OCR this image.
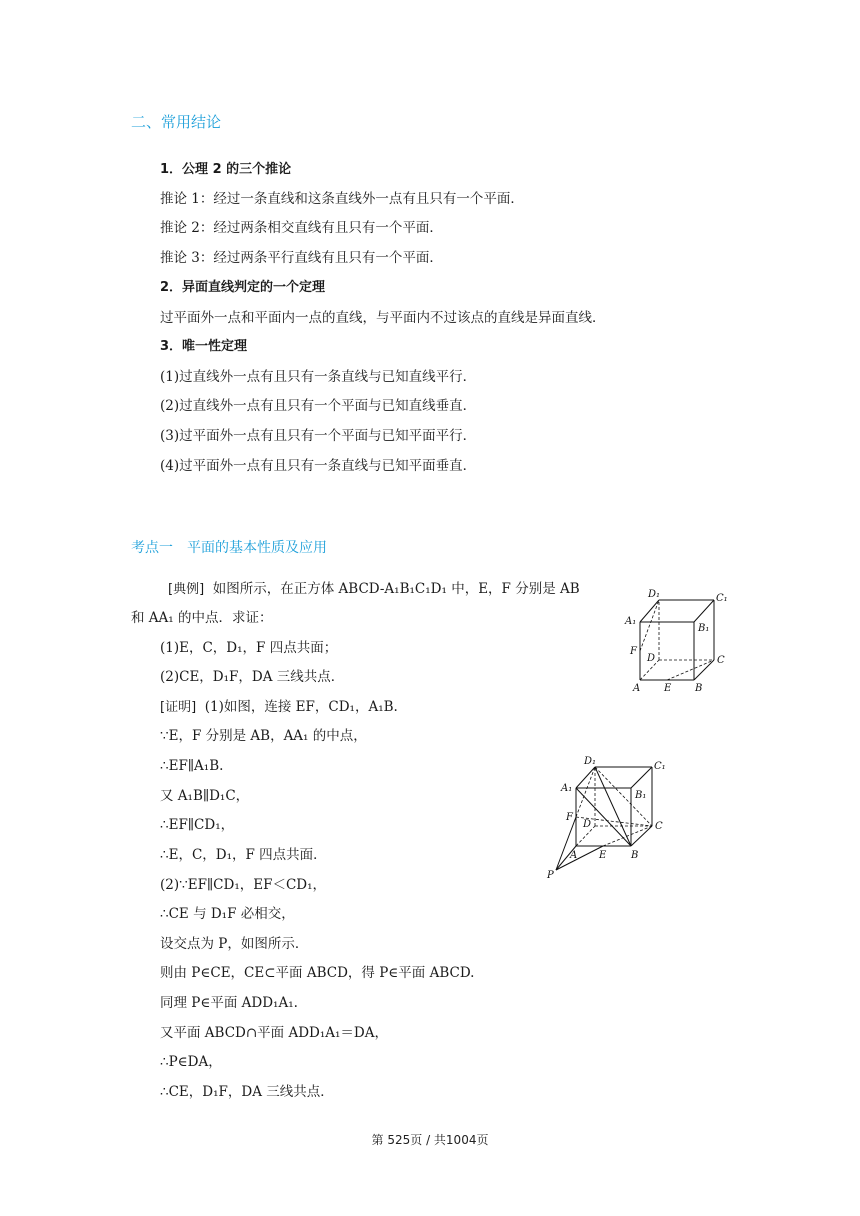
二、常用结论
1．公理 2 的三个推论
推论 1：经过一条直线和这条直线外一点有且只有一个平面．
推论 2：经过两条相交直线有且只有一个平面．
推论 3：经过两条平行直线有且只有一个平面．
2．异面直线判定的一个定理
过平面外一点和平面内一点的直线，与平面内不过该点的直线是异面直线．
3．唯一性定理
(1)过直线外一点有且只有一条直线与已知直线平行．
(2)过直线外一点有且只有一个平面与已知直线垂直．
(3)过平面外一点有且只有一个平面与已知平面平行．
(4)过平面外一点有且只有一条直线与已知平面垂直．
考点一　平面的基本性质及应用
[典例] 如图所示，在正方体 ABCD-A₁B₁C₁D₁ 中，E，F 分别是 AB
和 AA₁ 的中点．求证：
(1)E，C，D₁，F 四点共面；
(2)CE，D₁F，DA 三线共点．
[证明] (1)如图，连接 EF，CD₁，A₁B.
∵E，F 分别是 AB，AA₁ 的中点，
∴EF∥A₁B.
又 A₁B∥D₁C，
∴EF∥CD₁，
∴E，C，D₁，F 四点共面．
(2)∵EF∥CD₁，EF＜CD₁，
∴CE 与 D₁F 必相交，
设交点为 P，如图所示．
则由 P∈CE，CE⊂平面 ABCD，得 P∈平面 ABCD.
同理 P∈平面 ADD₁A₁.
又平面 ABCD∩平面 ADD₁A₁＝DA，
∴P∈DA，
∴CE，D₁F，DA 三线共点．
D₁	C₁
A₁
B₁
F
D	C
A E B
D₁	C₁
A₁
B₁
F
D	C
A E B
P
第 525页 / 共1004页
